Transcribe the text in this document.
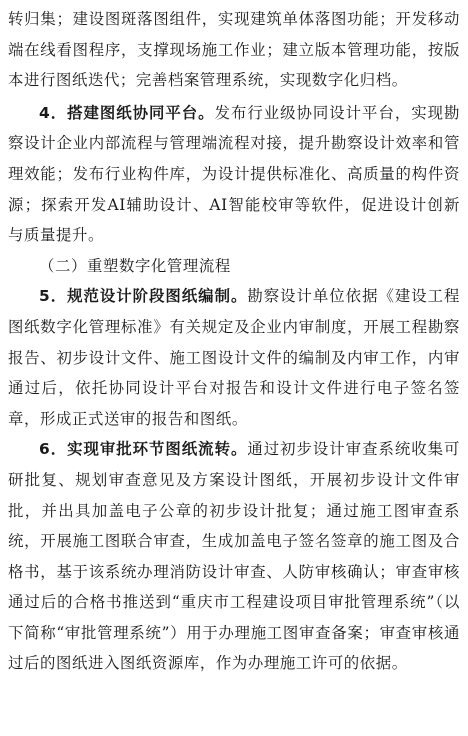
转归集；建设图斑落图组件，实现建筑单体落图功能；开发移动端在线看图程序，支撑现场施工作业；建立版本管理功能，按版本进行图纸迭代；完善档案管理系统，实现数字化归档。

4．搭建图纸协同平台。发布行业级协同设计平台，实现勘察设计企业内部流程与管理端流程对接，提升勘察设计效率和管理效能；发布行业构件库，为设计提供标准化、高质量的构件资源；探索开发AI辅助设计、AI智能校审等软件，促进设计创新与质量提升。

（二）重塑数字化管理流程

5．规范设计阶段图纸编制。勘察设计单位依据《建设工程图纸数字化管理标准》有关规定及企业内审制度，开展工程勘察报告、初步设计文件、施工图设计文件的编制及内审工作，内审通过后，依托协同设计平台对报告和设计文件进行电子签名签章，形成正式送审的报告和图纸。

6．实现审批环节图纸流转。通过初步设计审查系统收集可研批复、规划审查意见及方案设计图纸，开展初步设计文件审批，并出具加盖电子公章的初步设计批复；通过施工图审查系统，开展施工图联合审查，生成加盖电子签名签章的施工图及合格书，基于该系统办理消防设计审查、人防审核确认；审查审核通过后的合格书推送到“重庆市工程建设项目审批管理系统”（以下简称“审批管理系统”）用于办理施工图审查备案；审查审核通过后的图纸进入图纸资源库，作为办理施工许可的依据。
